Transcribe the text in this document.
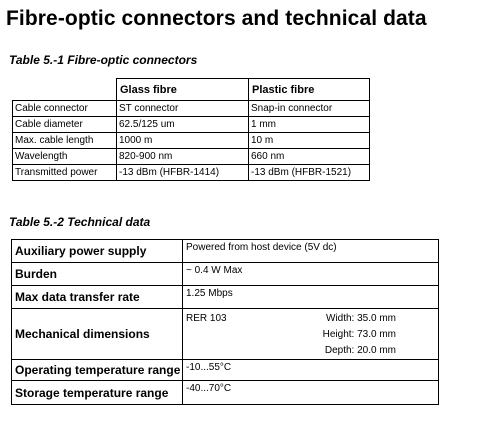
Fibre-optic connectors and technical data
Table 5.-1 Fibre-optic connectors
	Glass fibre	Plastic fibre
Cable connector	ST connector	Snap-in connector
Cable diameter	62.5/125 um	1 mm
Max. cable length	1000 m	10 m
Wavelength	820-900 nm	660 nm
Transmitted power	-13 dBm (HFBR-1414)	-13 dBm (HFBR-1521)
Table 5.-2 Technical data
Auxiliary power supply	Powered from host device (5V dc)
Burden	~ 0.4 W Max
Max data transfer rate	1.25 Mbps
Mechanical dimensions	RER 103 Width: 35.0 mm
Height: 73.0 mm
Depth: 20.0 mm

Operating temperature range	-10...55°C
Storage temperature range	-40...70°C
